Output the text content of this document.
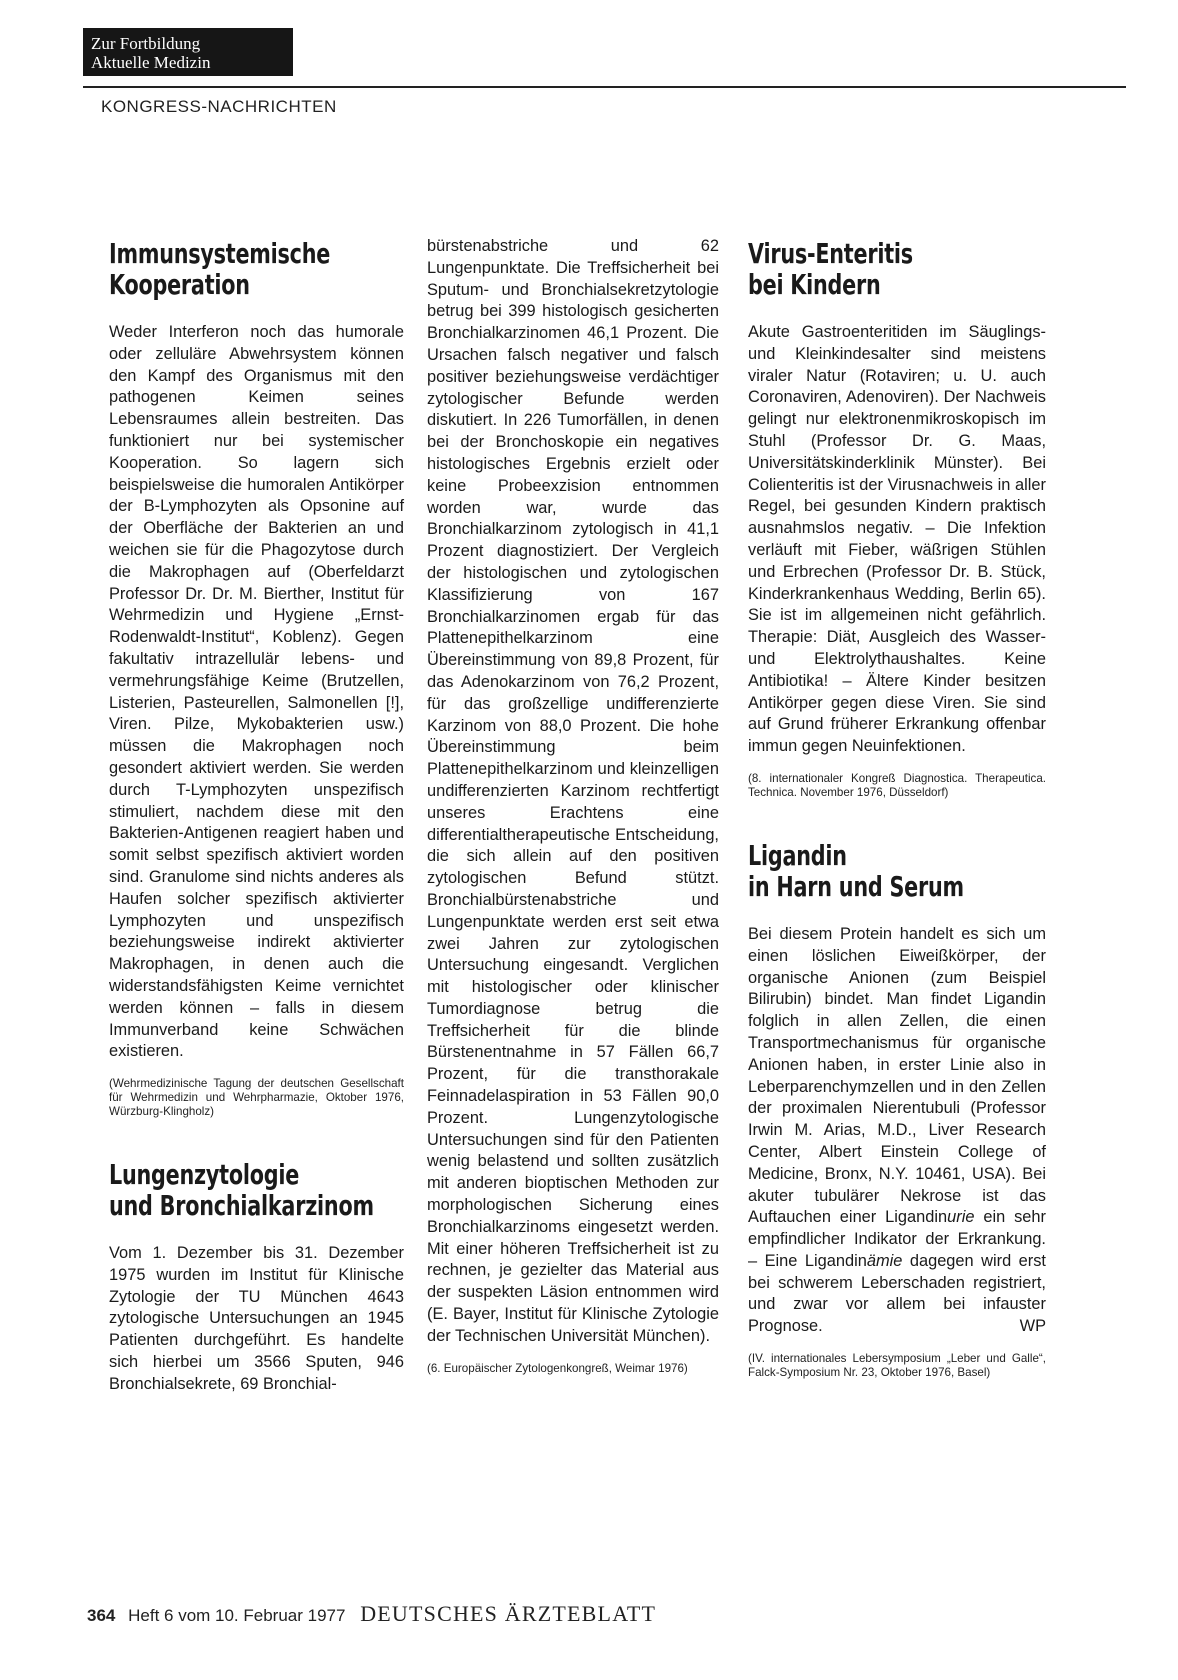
Zur Fortbildung
Aktuelle Medizin
KONGRESS-NACHRICHTEN
Immunsystemische
Kooperation

Weder Interferon noch das humorale oder zelluläre Abwehrsystem können den Kampf des Organismus mit den pathogenen Keimen seines Lebensraumes allein bestreiten. Das funktioniert nur bei systemischer Kooperation. So lagern sich beispielsweise die humoralen Antikörper der B-Lymphozyten als Opsonine auf der Oberfläche der Bakterien an und weichen sie für die Phagozytose durch die Makrophagen auf (Oberfeldarzt Professor Dr. Dr. M. Bierther, Institut für Wehrmedizin und Hygiene „Ernst-Rodenwaldt-Institut“, Koblenz). Gegen fakultativ intrazellulär lebens- und vermehrungsfähige Keime (Brutzellen, Listerien, Pasteurellen, Salmonellen [!], Viren. Pilze, Mykobakterien usw.) müssen die Makrophagen noch gesondert aktiviert werden. Sie werden durch T-Lymphozyten unspezifisch stimuliert, nachdem diese mit den Bakterien-Antigenen reagiert haben und somit selbst spezifisch aktiviert worden sind. Granulome sind nichts anderes als Haufen solcher spezifisch aktivierter Lymphozyten und unspezifisch beziehungsweise indirekt aktivierter Makrophagen, in denen auch die widerstandsfähigsten Keime vernichtet werden können – falls in diesem Immunverband keine Schwächen existieren.

(Wehrmedizinische Tagung der deutschen Gesellschaft für Wehrmedizin und Wehrpharmazie, Oktober 1976, Würzburg-Klingholz)

Lungenzytologie
und Bronchialkarzinom

Vom 1. Dezember bis 31. Dezember 1975 wurden im Institut für Klinische Zytologie der TU München 4643 zytologische Untersuchungen an 1945 Patienten durchgeführt. Es handelte sich hierbei um 3566 Sputen, 946 Bronchialsekrete, 69 Bronchial-

bürstenabstriche und 62 Lungenpunktate. Die Treffsicherheit bei Sputum- und Bronchialsekretzytologie betrug bei 399 histologisch gesicherten Bronchialkarzinomen 46,1 Prozent. Die Ursachen falsch negativer und falsch positiver beziehungsweise verdächtiger zytologischer Befunde werden diskutiert. In 226 Tumorfällen, in denen bei der Bronchoskopie ein negatives histologisches Ergebnis erzielt oder keine Probeexzision entnommen worden war, wurde das Bronchialkarzinom zytologisch in 41,1 Prozent diagnostiziert. Der Vergleich der histologischen und zytologischen Klassifizierung von 167 Bronchialkarzinomen ergab für das Plattenepithelkarzinom eine Übereinstimmung von 89,8 Prozent, für das Adenokarzinom von 76,2 Prozent, für das großzellige undifferenzierte Karzinom von 88,0 Prozent. Die hohe Übereinstimmung beim Plattenepithelkarzinom und kleinzelligen undifferenzierten Karzinom rechtfertigt unseres Erachtens eine differentialtherapeutische Entscheidung, die sich allein auf den positiven zytologischen Befund stützt. Bronchialbürstenabstriche und Lungenpunktate werden erst seit etwa zwei Jahren zur zytologischen Untersuchung eingesandt. Verglichen mit histologischer oder klinischer Tumordiagnose betrug die Treffsicherheit für die blinde Bürstenentnahme in 57 Fällen 66,7 Prozent, für die transthorakale Feinnadelaspiration in 53 Fällen 90,0 Prozent. Lungenzytologische Untersuchungen sind für den Patienten wenig belastend und sollten zusätzlich mit anderen bioptischen Methoden zur morphologischen Sicherung eines Bronchialkarzinoms eingesetzt werden. Mit einer höheren Treffsicherheit ist zu rechnen, je gezielter das Material aus der suspekten Läsion entnommen wird (E. Bayer, Institut für Klinische Zytologie der Technischen Universität München).

(6. Europäischer Zytologenkongreß, Weimar 1976)

Virus-Enteritis
bei Kindern

Akute Gastroenteritiden im Säuglings- und Kleinkindesalter sind meistens viraler Natur (Rotaviren; u. U. auch Coronaviren, Adenoviren). Der Nachweis gelingt nur elektronenmikroskopisch im Stuhl (Professor Dr. G. Maas, Universitätskinderklinik Münster). Bei Colienteritis ist der Virusnachweis in aller Regel, bei gesunden Kindern praktisch ausnahmslos negativ. – Die Infektion verläuft mit Fieber, wäßrigen Stühlen und Erbrechen (Professor Dr. B. Stück, Kinderkrankenhaus Wedding, Berlin 65). Sie ist im allgemeinen nicht gefährlich. Therapie: Diät, Ausgleich des Wasser- und Elektrolythaushaltes. Keine Antibiotika! – Ältere Kinder besitzen Antikörper gegen diese Viren. Sie sind auf Grund früherer Erkrankung offenbar immun gegen Neuinfektionen.

(8. internationaler Kongreß Diagnostica. Therapeutica. Technica. November 1976, Düsseldorf)

Ligandin
in Harn und Serum

Bei diesem Protein handelt es sich um einen löslichen Eiweißkörper, der organische Anionen (zum Beispiel Bilirubin) bindet. Man findet Ligandin folglich in allen Zellen, die einen Transportmechanismus für organische Anionen haben, in erster Linie also in Leberparenchymzellen und in den Zellen der proximalen Nierentubuli (Professor Irwin M. Arias, M.D., Liver Research Center, Albert Einstein College of Medicine, Bronx, N.Y. 10461, USA). Bei akuter tubulärer Nekrose ist das Auftauchen einer Ligandinurie ein sehr empfindlicher Indikator der Erkrankung. – Eine Ligandinämie dagegen wird erst bei schwerem Leberschaden registriert, und zwar vor allem bei infauster Prognose.	WP

(IV. internationales Lebersymposium „Leber und Galle“, Falck-Symposium Nr. 23, Oktober 1976, Basel)

364 Heft 6 vom 10. Februar 1977 DEUTSCHES ÄRZTEBLATT
